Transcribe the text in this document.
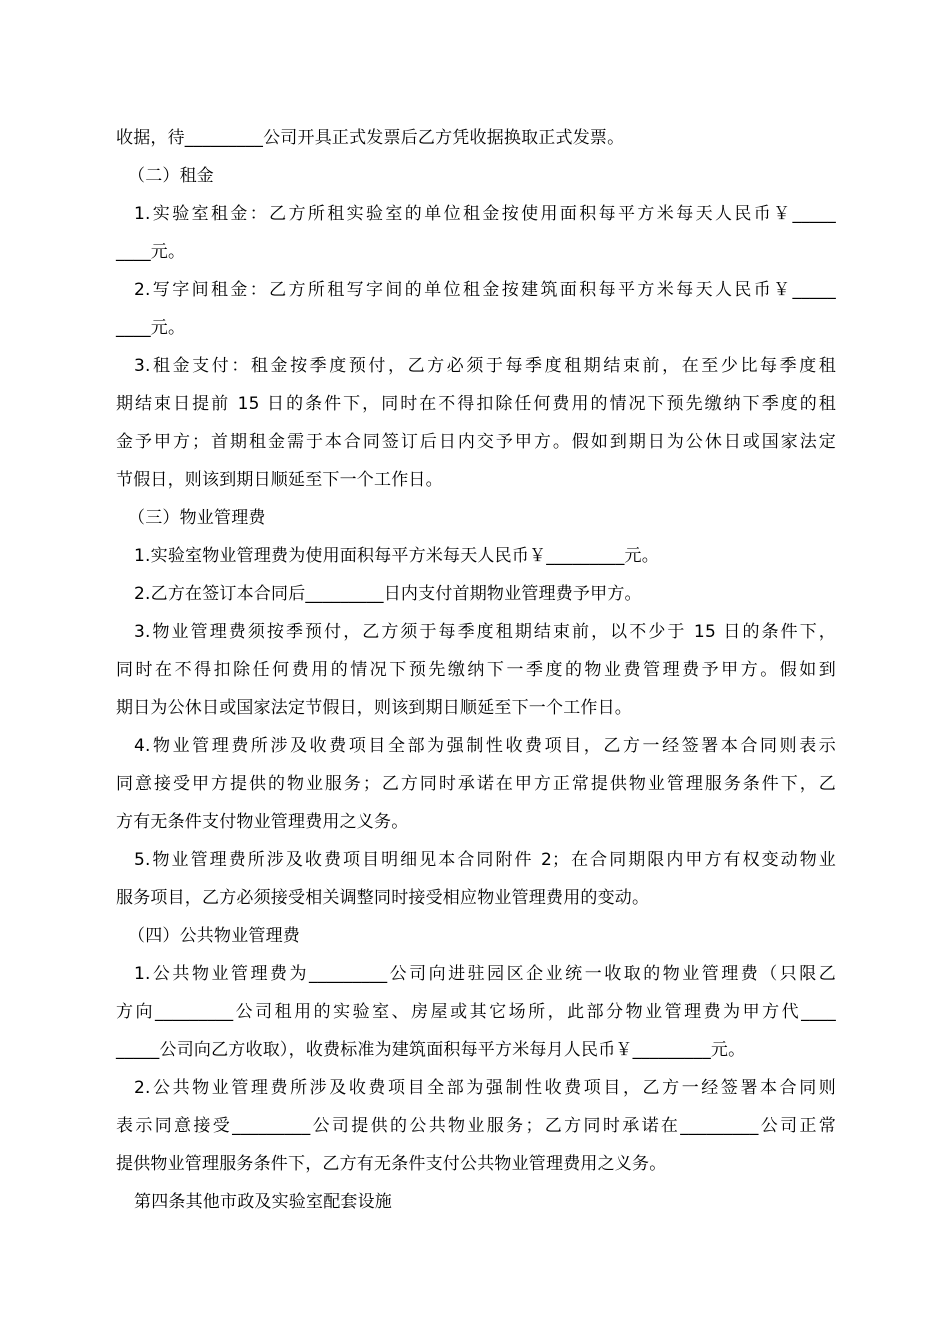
收据，待_________公司开具正式发票后乙方凭收据换取正式发票。
（二）租金
1.实验室租金：乙方所租实验室的单位租金按使用面积每平方米每天人民币￥_____
____元。
2.写字间租金：乙方所租写字间的单位租金按建筑面积每平方米每天人民币￥_____
____元。
3.租金支付：租金按季度预付，乙方必须于每季度租期结束前，在至少比每季度租
期结束日提前 15 日的条件下，同时在不得扣除任何费用的情况下预先缴纳下季度的租
金予甲方；首期租金需于本合同签订后日内交予甲方。假如到期日为公休日或国家法定
节假日，则该到期日顺延至下一个工作日。
（三）物业管理费
1.实验室物业管理费为使用面积每平方米每天人民币￥_________元。
2.乙方在签订本合同后_________日内支付首期物业管理费予甲方。
3.物业管理费须按季预付，乙方须于每季度租期结束前，以不少于 15 日的条件下，
同时在不得扣除任何费用的情况下预先缴纳下一季度的物业费管理费予甲方。假如到
期日为公休日或国家法定节假日，则该到期日顺延至下一个工作日。
4.物业管理费所涉及收费项目全部为强制性收费项目，乙方一经签署本合同则表示
同意接受甲方提供的物业服务；乙方同时承诺在甲方正常提供物业管理服务条件下，乙
方有无条件支付物业管理费用之义务。
5.物业管理费所涉及收费项目明细见本合同附件 2；在合同期限内甲方有权变动物业
服务项目，乙方必须接受相关调整同时接受相应物业管理费用的变动。
（四）公共物业管理费
1.公共物业管理费为_________公司向进驻园区企业统一收取的物业管理费（只限乙
方向_________公司租用的实验室、房屋或其它场所，此部分物业管理费为甲方代____
_____公司向乙方收取），收费标准为建筑面积每平方米每月人民币￥_________元。
2.公共物业管理费所涉及收费项目全部为强制性收费项目，乙方一经签署本合同则
表示同意接受_________公司提供的公共物业服务；乙方同时承诺在_________公司正常
提供物业管理服务条件下，乙方有无条件支付公共物业管理费用之义务。
第四条其他市政及实验室配套设施
